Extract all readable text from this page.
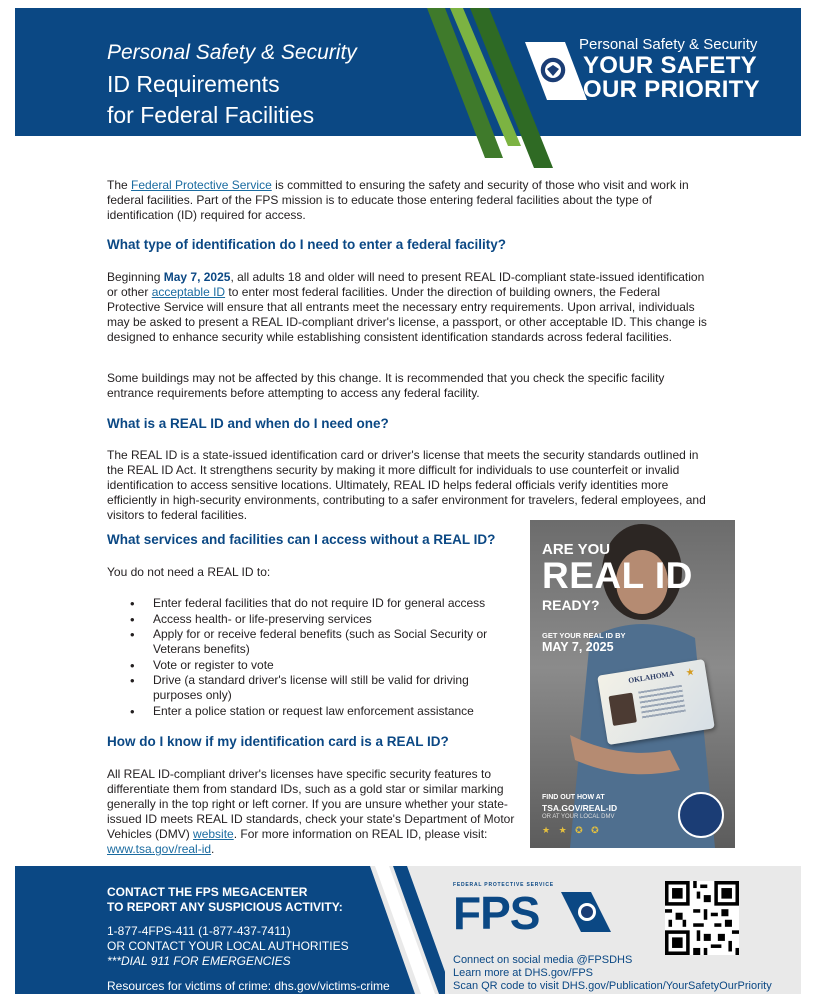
Personal Safety & Security
ID Requirements
for Federal Facilities
Personal Safety & Security
YOUR SAFETY
OUR PRIORITY

The Federal Protective Service is committed to ensuring the safety and security of those who visit and work in federal facilities. Part of the FPS mission is to educate those entering federal facilities about the type of identification (ID) required for access.

What type of identification do I need to enter a federal facility?

Beginning May 7, 2025, all adults 18 and older will need to present REAL ID-compliant state-issued identification or other acceptable ID to enter most federal facilities. Under the direction of building owners, the Federal Protective Service will ensure that all entrants meet the necessary entry requirements. Upon arrival, individuals may be asked to present a REAL ID-compliant driver's license, a passport, or other acceptable ID. This change is designed to enhance security while establishing consistent identification standards across federal facilities.

Some buildings may not be affected by this change. It is recommended that you check the specific facility entrance requirements before attempting to access any federal facility.

What is a REAL ID and when do I need one?

The REAL ID is a state-issued identification card or driver's license that meets the security standards outlined in the REAL ID Act. It strengthens security by making it more difficult for individuals to use counterfeit or invalid identification to access sensitive locations. Ultimately, REAL ID helps federal officials verify identities more efficiently in high-security environments, contributing to a safer environment for travelers, federal employees, and visitors to federal facilities.

What services and facilities can I access without a REAL ID?

You do not need a REAL ID to:

• Enter federal facilities that do not require ID for general access
• Access health- or life-preserving services
• Apply for or receive federal benefits (such as Social Security or Veterans benefits)
• Vote or register to vote
• Drive (a standard driver's license will still be valid for driving purposes only)
• Enter a police station or request law enforcement assistance
How do I know if my identification card is a REAL ID?

All REAL ID-compliant driver's licenses have specific security features to differentiate them from standard IDs, such as a gold star or similar marking generally in the top right or left corner. If you are unsure whether your state-issued ID meets REAL ID standards, check your state's Department of Motor Vehicles (DMV) website. For more information on REAL ID, please visit: www.tsa.gov/real-id.

ARE YOU
REAL ID
READY?
GET YOUR REAL ID BY
MAY 7, 2025
OKLAHOMA ★
FIND OUT HOW AT
TSA.GOV/REAL-ID
OR AT YOUR LOCAL DMV
★ ★ ✪ ✪
CONTACT THE FPS MEGACENTER
TO REPORT ANY SUSPICIOUS ACTIVITY:
1-877-4FPS-411 (1-877-437-7411)
OR CONTACT YOUR LOCAL AUTHORITIES
***DIAL 911 FOR EMERGENCIES
Resources for victims of crime: dhs.gov/victims-crime
FEDERAL PROTECTIVE SERVICE
FPS
Connect on social media @FPSDHS
Learn more at DHS.gov/FPS
Scan QR code to visit DHS.gov/Publication/YourSafetyOurPriority
